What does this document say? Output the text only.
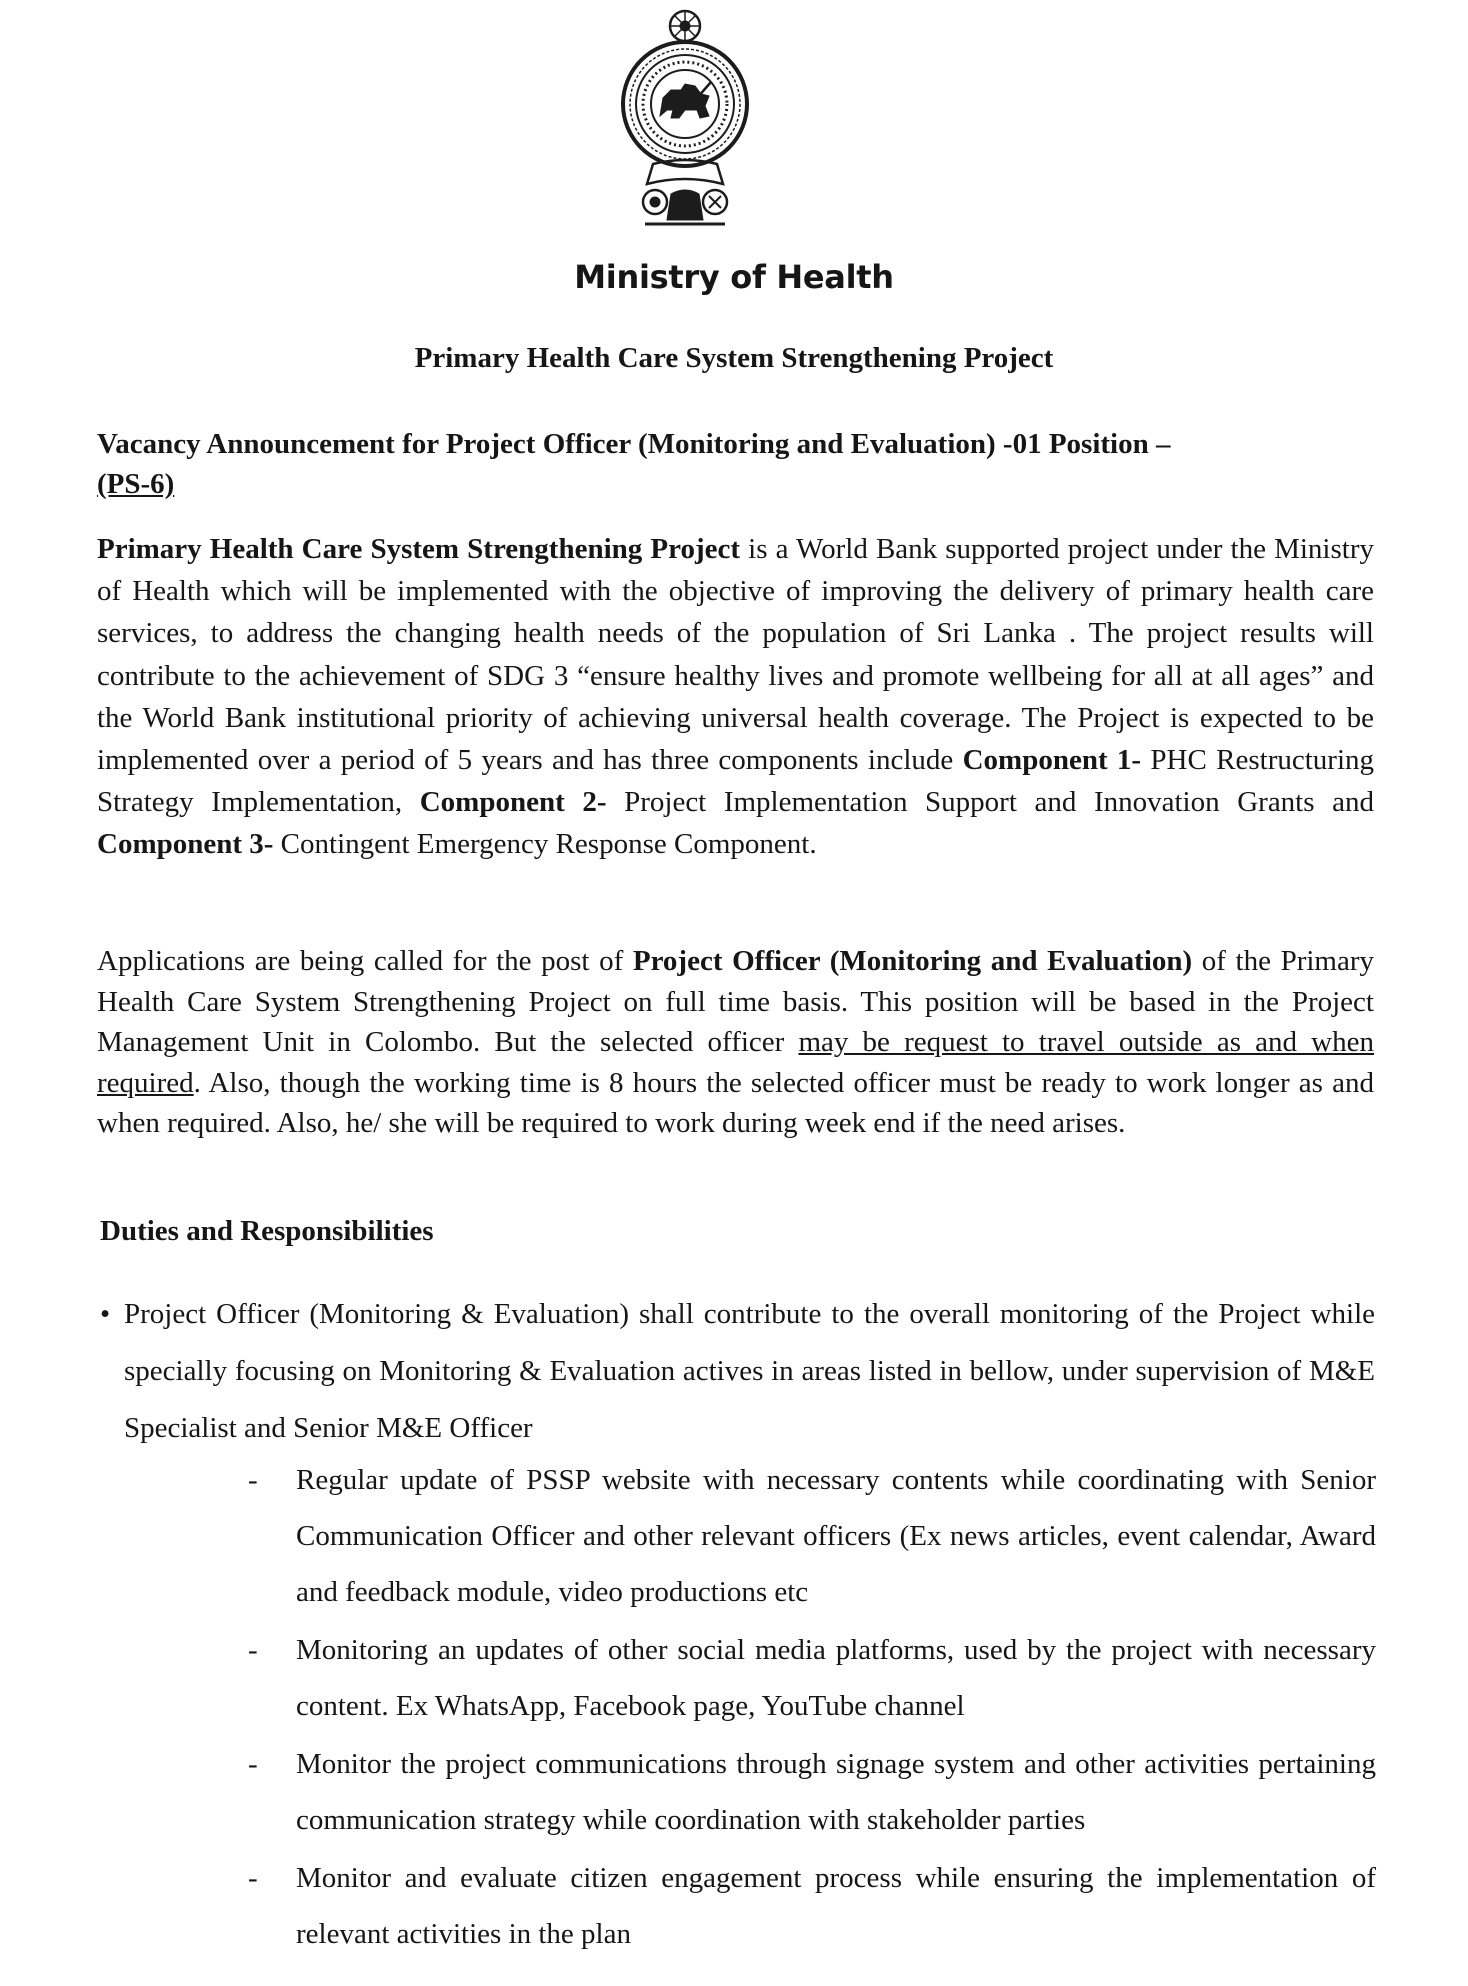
Ministry of Health
Primary Health Care System Strengthening Project
Vacancy Announcement for Project Officer (Monitoring and Evaluation) -01 Position –
(PS-6)
Primary Health Care System Strengthening Project is a World Bank supported project under the Ministry of Health which will be implemented with the objective of improving the delivery of primary health care services, to address the changing health needs of the population of Sri Lanka . The project results will contribute to the achievement of SDG 3 “ensure healthy lives and promote wellbeing for all at all ages” and the World Bank institutional priority of achieving universal health coverage. The Project is expected to be implemented over a period of 5 years and has three components include Component 1- PHC Restructuring Strategy Implementation, Component 2- Project Implementation Support and Innovation Grants and Component 3- Contingent Emergency Response Component.
Applications are being called for the post of Project Officer (Monitoring and Evaluation) of the Primary Health Care System Strengthening Project on full time basis. This position will be based in the Project Management Unit in Colombo. But the selected officer may be request to travel outside as and when required. Also, though the working time is 8 hours the selected officer must be ready to work longer as and when required. Also, he/ she will be required to work during week end if the need arises.
Duties and Responsibilities
• Project Officer (Monitoring & Evaluation) shall contribute to the overall monitoring of the Project while specially focusing on Monitoring & Evaluation actives in areas listed in bellow, under supervision of M&E Specialist and Senior M&E Officer
- Regular update of PSSP website with necessary contents while coordinating with Senior Communication Officer and other relevant officers (Ex news articles, event calendar, Award and feedback module, video productions etc
- Monitoring an updates of other social media platforms, used by the project with necessary content. Ex WhatsApp, Facebook page, YouTube channel
- Monitor the project communications through signage system and other activities pertaining communication strategy while coordination with stakeholder parties
- Monitor and evaluate citizen engagement process while ensuring the implementation of relevant activities in the plan
